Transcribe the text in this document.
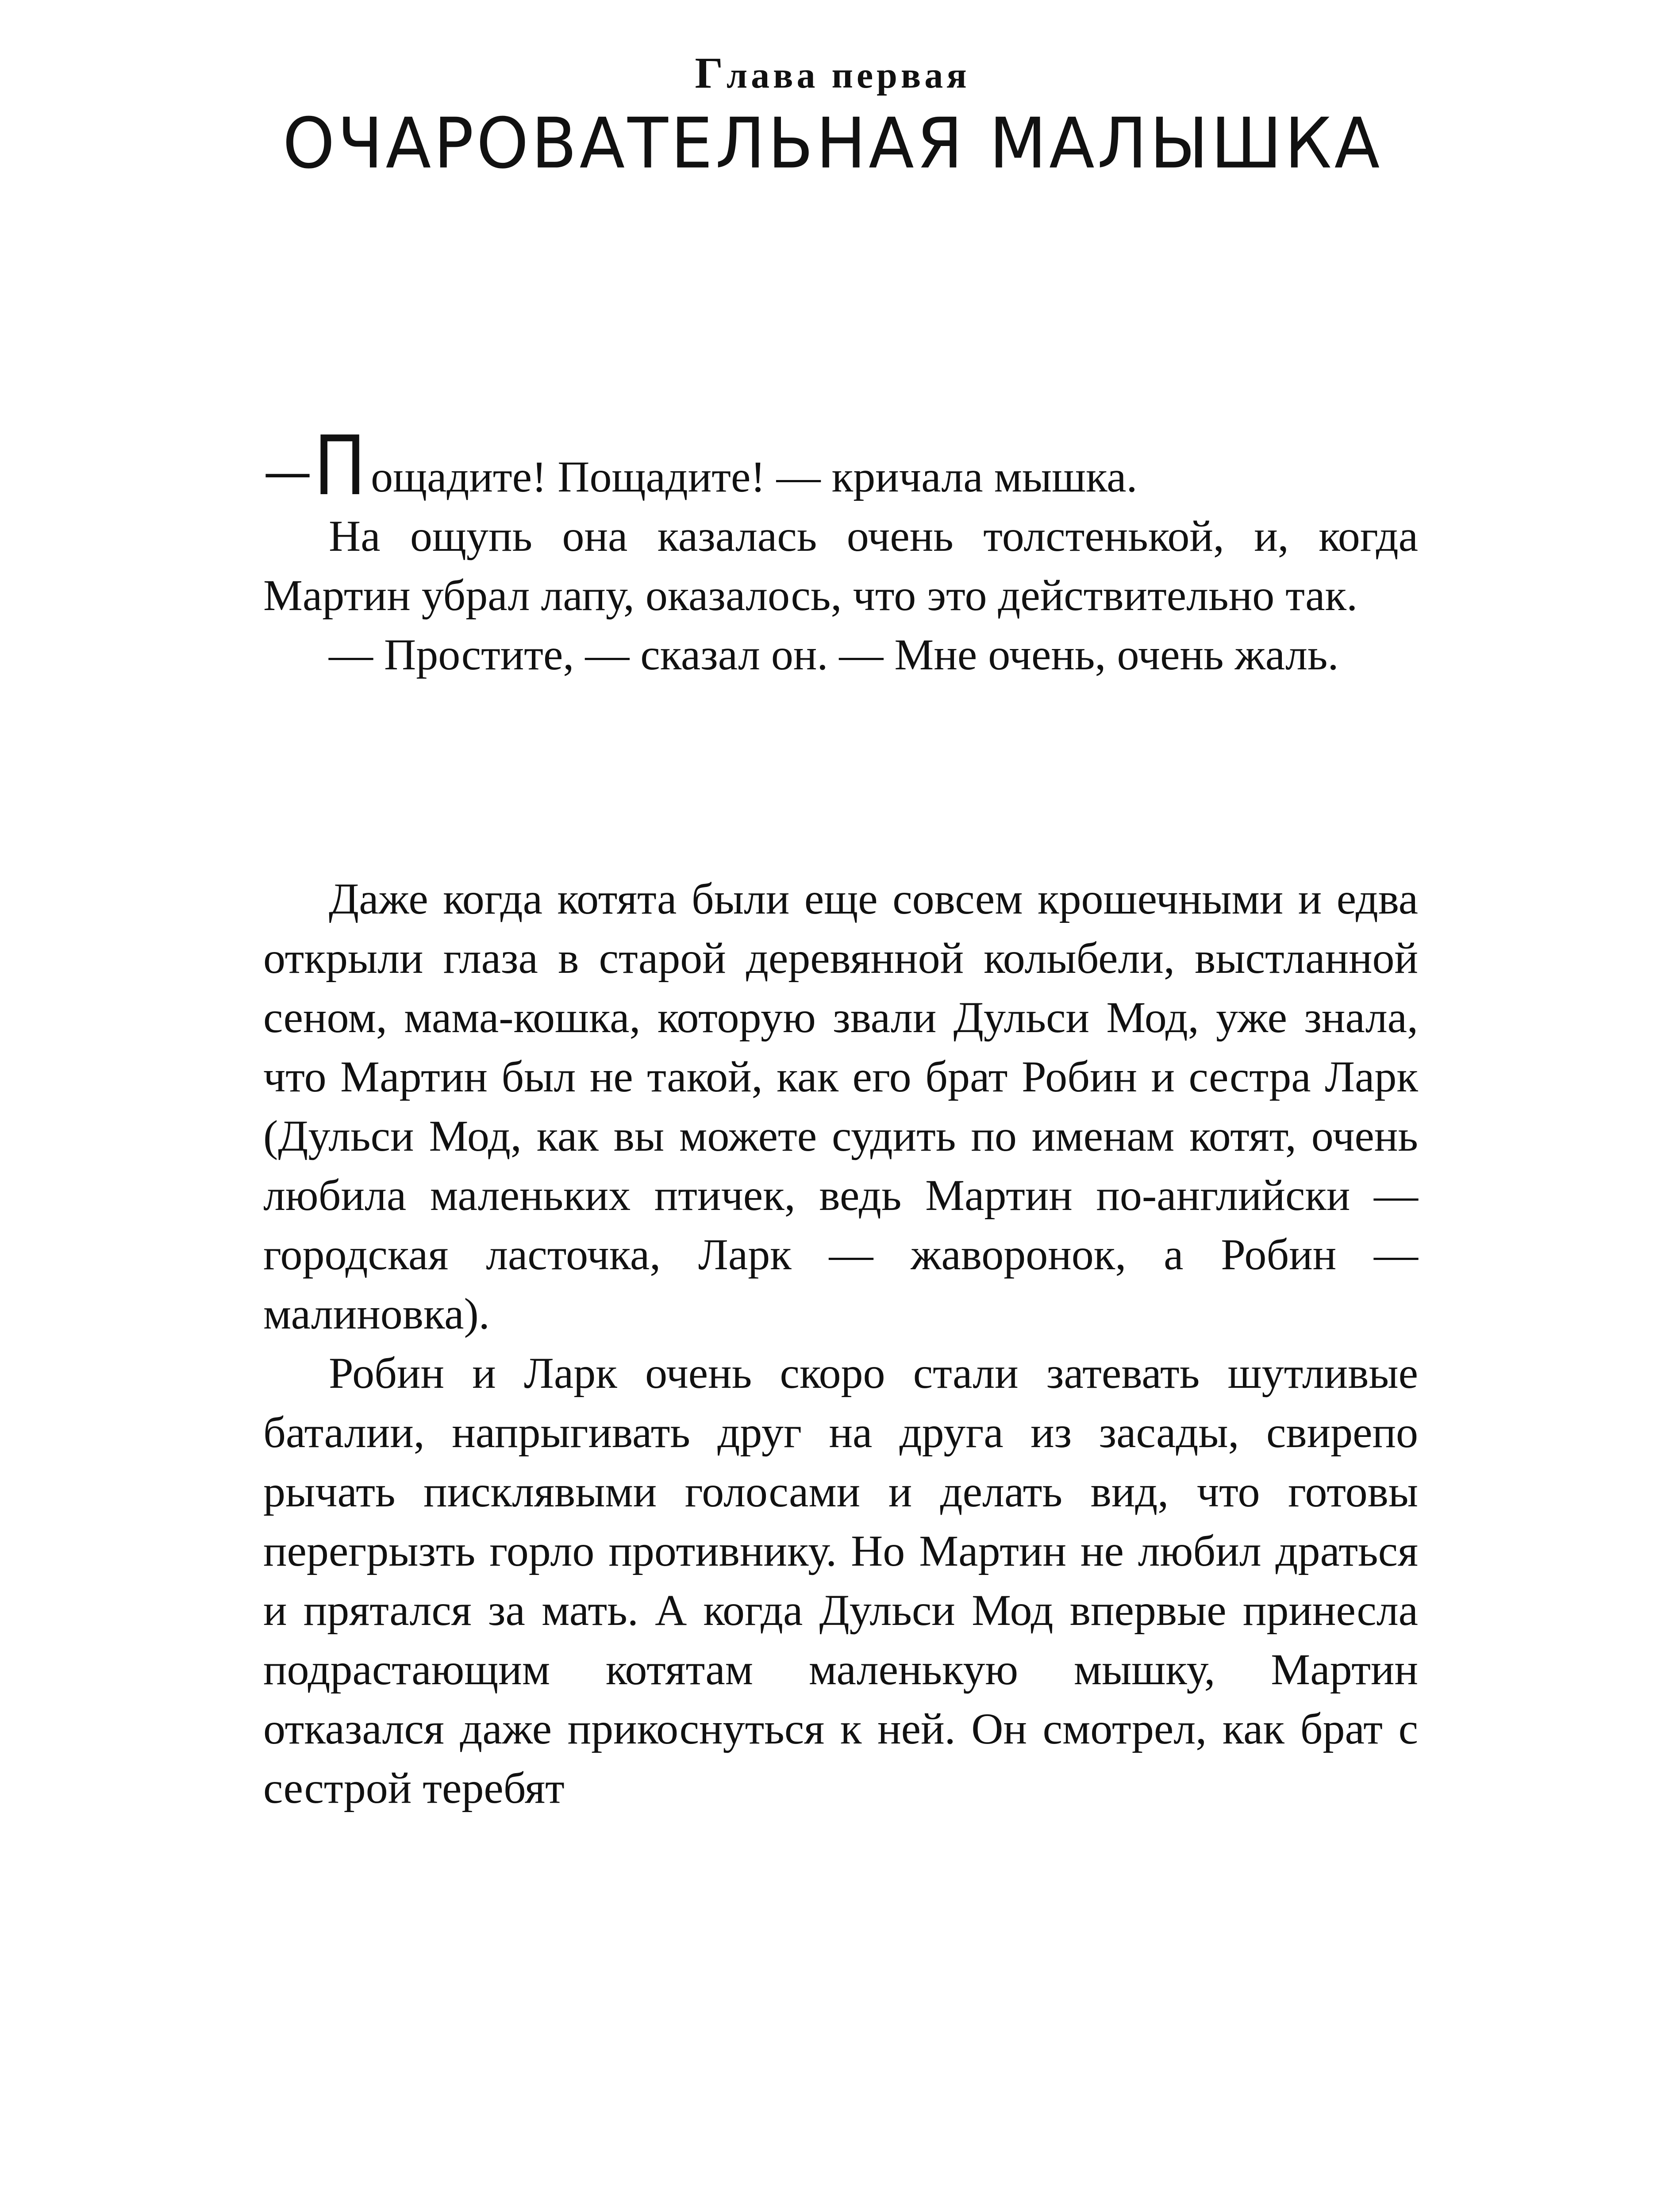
Глава первая
ОЧАРОВАТЕЛЬНАЯ МАЛЫШКА

—П ощадите! Пощадите! — кричала мышка.

На ощупь она казалась очень толстенькой, и, когда Мартин убрал лапу, оказалось, что это действительно так.

— Простите, — сказал он. — Мне очень, очень жаль.

Даже когда котята были еще совсем крошечными и едва открыли глаза в старой деревянной колыбели, выстланной сеном, мама-кошка, которую звали Дульси Мод, уже знала, что Мартин был не такой, как его брат Робин и сестра Ларк (Дульси Мод, как вы можете судить по именам котят, очень любила маленьких птичек, ведь Мартин по-английски — городская ласточка, Ларк — жаворонок, а Робин — малиновка).

Робин и Ларк очень скоро стали затевать шутливые баталии, напрыгивать друг на друга из засады, свирепо рычать писклявыми голосами и делать вид, что готовы перегрызть горло противнику. Но Мартин не любил драться и прятался за мать. А когда Дульси Мод впервые принесла подрастающим котятам маленькую мышку, Мартин отказался даже прикоснуться к ней. Он смотрел, как брат с сестрой теребят
